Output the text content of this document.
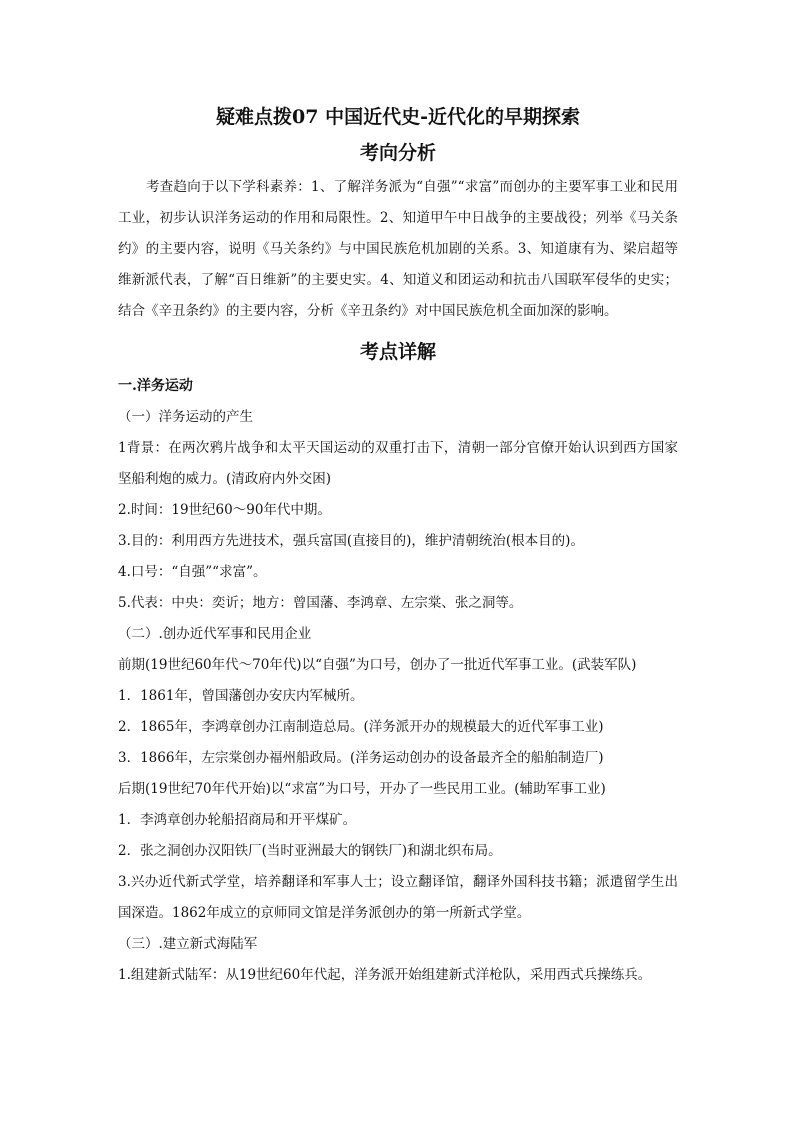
疑难点拨07 中国近代史-近代化的早期探索
考向分析

考查趋向于以下学科素养：1、了解洋务派为“自强”“求富”而创办的主要军事工业和民用工业，初步认识洋务运动的作用和局限性。2、知道甲午中日战争的主要战役；列举《马关条约》的主要内容，说明《马关条约》与中国民族危机加剧的关系。3、知道康有为、梁启超等维新派代表，了解“百日维新”的主要史实。4、知道义和团运动和抗击八国联军侵华的史实；结合《辛丑条约》的主要内容，分析《辛丑条约》对中国民族危机全面加深的影响。

考点详解

一.洋务运动

（一）洋务运动的产生

1背景：在两次鸦片战争和太平天国运动的双重打击下，清朝一部分官僚开始认识到西方国家坚船利炮的威力。(清政府内外交困)

2.时间：19世纪60～90年代中期。

3.目的：利用西方先进技术，强兵富国(直接目的)，维护清朝统治(根本目的)。

4.口号：“自强”“求富”。

5.代表：中央：奕䜣；地方：曾国藩、李鸿章、左宗棠、张之洞等。

（二）.创办近代军事和民用企业

前期(19世纪60年代～70年代)以“自强”为口号，创办了一批近代军事工业。(武装军队)

1．1861年，曾国藩创办安庆内军械所。

2．1865年，李鸿章创办江南制造总局。(洋务派开办的规模最大的近代军事工业)

3．1866年，左宗棠创办福州船政局。(洋务运动创办的设备最齐全的船舶制造厂)

后期(19世纪70年代开始)以“求富”为口号，开办了一些民用工业。(辅助军事工业)

1．李鸿章创办轮船招商局和开平煤矿。

2．张之洞创办汉阳铁厂(当时亚洲最大的钢铁厂)和湖北织布局。

3.兴办近代新式学堂，培养翻译和军事人士；设立翻译馆，翻译外国科技书籍；派遣留学生出国深造。1862年成立的京师同文馆是洋务派创办的第一所新式学堂。

（三）.建立新式海陆军

1.组建新式陆军：从19世纪60年代起，洋务派开始组建新式洋枪队，采用西式兵操练兵。
